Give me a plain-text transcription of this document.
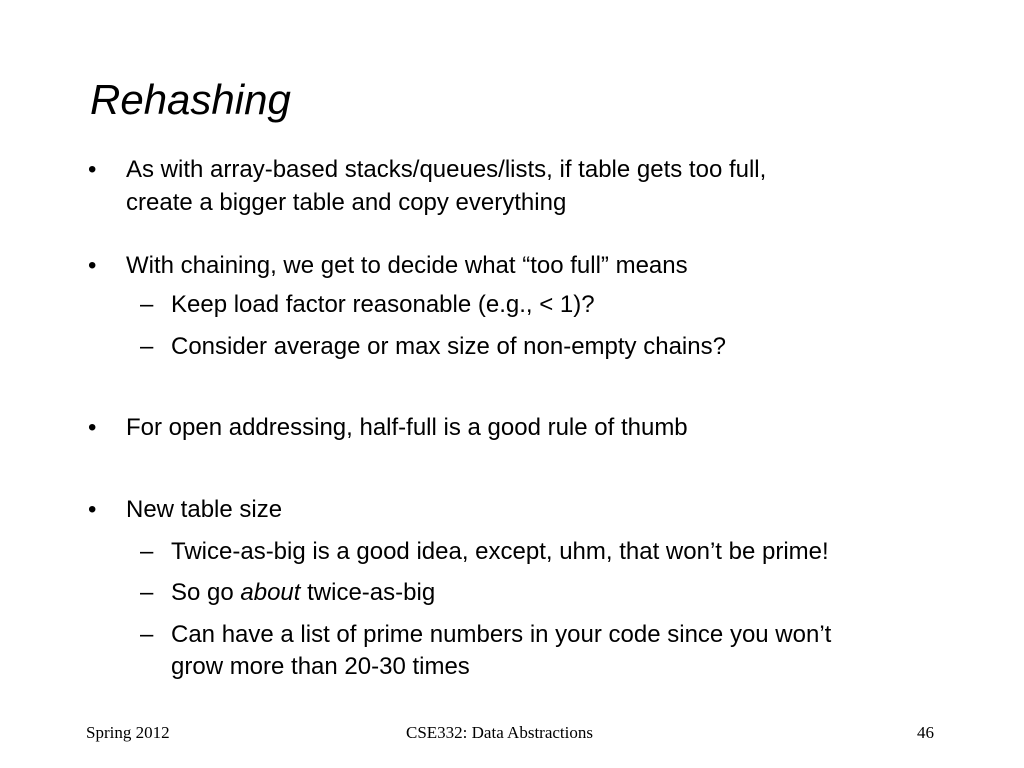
Rehashing
• As with array-based stacks/queues/lists, if table gets too full,
create a bigger table and copy everything
• With chaining, we get to decide what “too full” means
– Keep load factor reasonable (e.g., < 1)?
– Consider average or max size of non-empty chains?
• For open addressing, half-full is a good rule of thumb
• New table size
– Twice-as-big is a good idea, except, uhm, that won’t be prime!
– So go about twice-as-big
– Can have a list of prime numbers in your code since you won’t
grow more than 20-30 times
Spring 2012	CSE332: Data Abstractions	46
